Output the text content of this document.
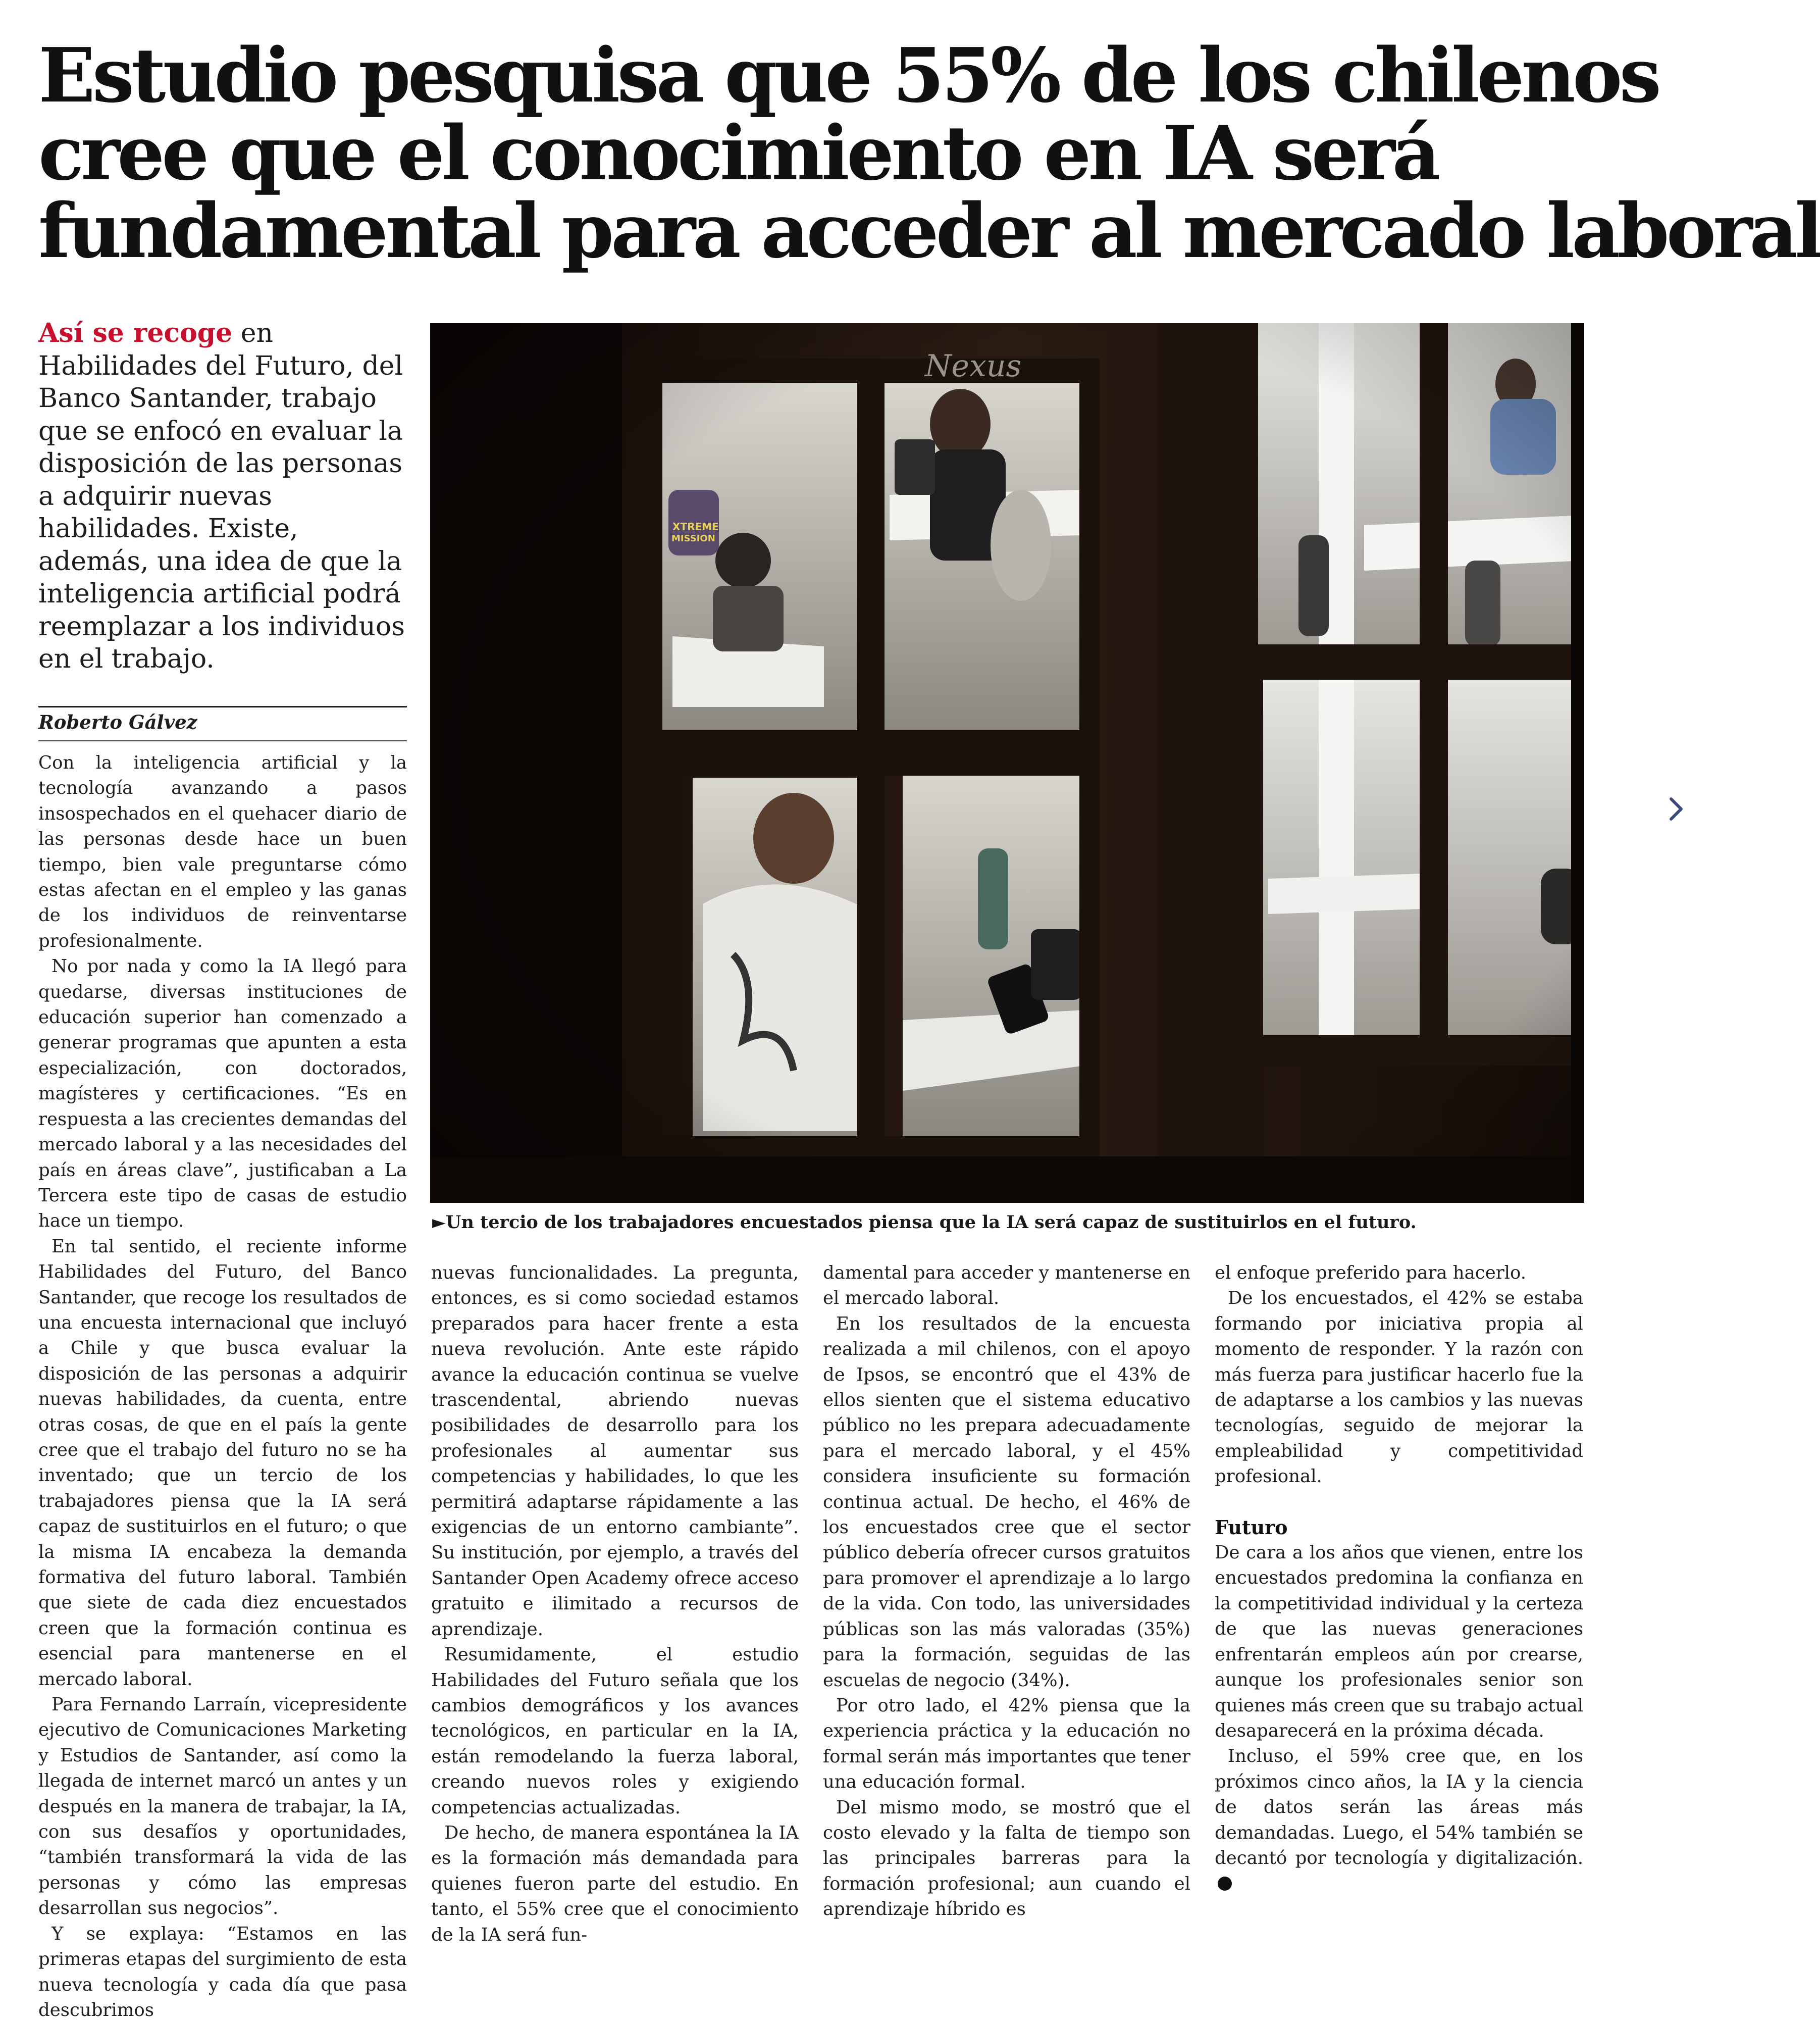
Estudio pesquisa que 55% de los chilenos
cree que el conocimiento en IA será
fundamental para acceder al mercado laboral
Así se recoge en Habilidades del Futuro, del Banco Santander, trabajo que se enfocó en evaluar la disposición de las personas a adquirir nuevas habilidades. Existe, además, una idea de que la inteligencia artificial podrá reemplazar a los individuos en el trabajo.
Roberto Gálvez

Con la inteligencia artificial y la tecnología avanzando a pasos insospechados en el quehacer diario de las personas desde hace un buen tiempo, bien vale preguntarse cómo estas afectan en el empleo y las ganas de los individuos de reinventarse profesionalmente.

No por nada y como la IA llegó para quedarse, diversas instituciones de educación superior han comenzado a generar programas que apunten a esta especialización, con doctorados, magísteres y certificaciones. “Es en respuesta a las crecientes demandas del mercado laboral y a las necesidades del país en áreas clave”, justificaban a La Tercera este tipo de casas de estudio hace un tiempo.

En tal sentido, el reciente informe Habilidades del Futuro, del Banco Santander, que recoge los resultados de una encuesta internacional que incluyó a Chile y que busca evaluar la disposición de las personas a adquirir nuevas habilidades, da cuenta, entre otras cosas, de que en el país la gente cree que el trabajo del futuro no se ha inventado; que un tercio de los trabajadores piensa que la IA será capaz de sustituirlos en el futuro; o que la misma IA encabeza la demanda formativa del futuro laboral. También que siete de cada diez encuestados creen que la formación continua es esencial para mantenerse en el mercado laboral.

Para Fernando Larraín, vicepresidente ejecutivo de Comunicaciones Marketing y Estudios de Santander, así como la llegada de internet marcó un antes y un después en la manera de trabajar, la IA, con sus desafíos y oportunidades, “también transformará la vida de las personas y cómo las empresas desarrollan sus negocios”.

Y se explaya: “Estamos en las primeras etapas del surgimiento de esta nueva tecnología y cada día que pasa descubrimos

Nexus
XTREME
MISSION
►Un tercio de los trabajadores encuestados piensa que la IA será capaz de sustituirlos en el futuro.

nuevas funcionalidades. La pregunta, entonces, es si como sociedad estamos preparados para hacer frente a esta nueva revolución. Ante este rápido avance la educación continua se vuelve trascendental, abriendo nuevas posibilidades de desarrollo para los profesionales al aumentar sus competencias y habilidades, lo que les permitirá adaptarse rápidamente a las exigencias de un entorno cambiante”. Su institución, por ejemplo, a través del Santander Open Academy ofrece acceso gratuito e ilimitado a recursos de aprendizaje.

Resumidamente, el estudio Habilidades del Futuro señala que los cambios demográficos y los avances tecnológicos, en particular en la IA, están remodelando la fuerza laboral, creando nuevos roles y exigiendo competencias actualizadas.

De hecho, de manera espontánea la IA es la formación más demandada para quienes fueron parte del estudio. En tanto, el 55% cree que el conocimiento de la IA será fun-

damental para acceder y mantenerse en el mercado laboral.

En los resultados de la encuesta realizada a mil chilenos, con el apoyo de Ipsos, se encontró que el 43% de ellos sienten que el sistema educativo público no les prepara adecuadamente para el mercado laboral, y el 45% considera insuficiente su formación continua actual. De hecho, el 46% de los encuestados cree que el sector público debería ofrecer cursos gratuitos para promover el aprendizaje a lo largo de la vida. Con todo, las universidades públicas son las más valoradas (35%) para la formación, seguidas de las escuelas de negocio (34%).

Por otro lado, el 42% piensa que la experiencia práctica y la educación no formal serán más importantes que tener una educación formal.

Del mismo modo, se mostró que el costo elevado y la falta de tiempo son las principales barreras para la formación profesional; aun cuando el aprendizaje híbrido es

el enfoque preferido para hacerlo.

De los encuestados, el 42% se estaba formando por iniciativa propia al momento de responder. Y la razón con más fuerza para justificar hacerlo fue la de adaptarse a los cambios y las nuevas tecnologías, seguido de mejorar la empleabilidad y competitividad profesional.

Futuro

De cara a los años que vienen, entre los encuestados predomina la confianza en la competitividad individual y la certeza de que las nuevas generaciones enfrentarán empleos aún por crearse, aunque los profesionales senior son quienes más creen que su trabajo actual desaparecerá en la próxima década.

Incluso, el 59% cree que, en los próximos cinco años, la IA y la ciencia de datos serán las áreas más demandadas. Luego, el 54% también se decantó por tecnología y digitalización.
